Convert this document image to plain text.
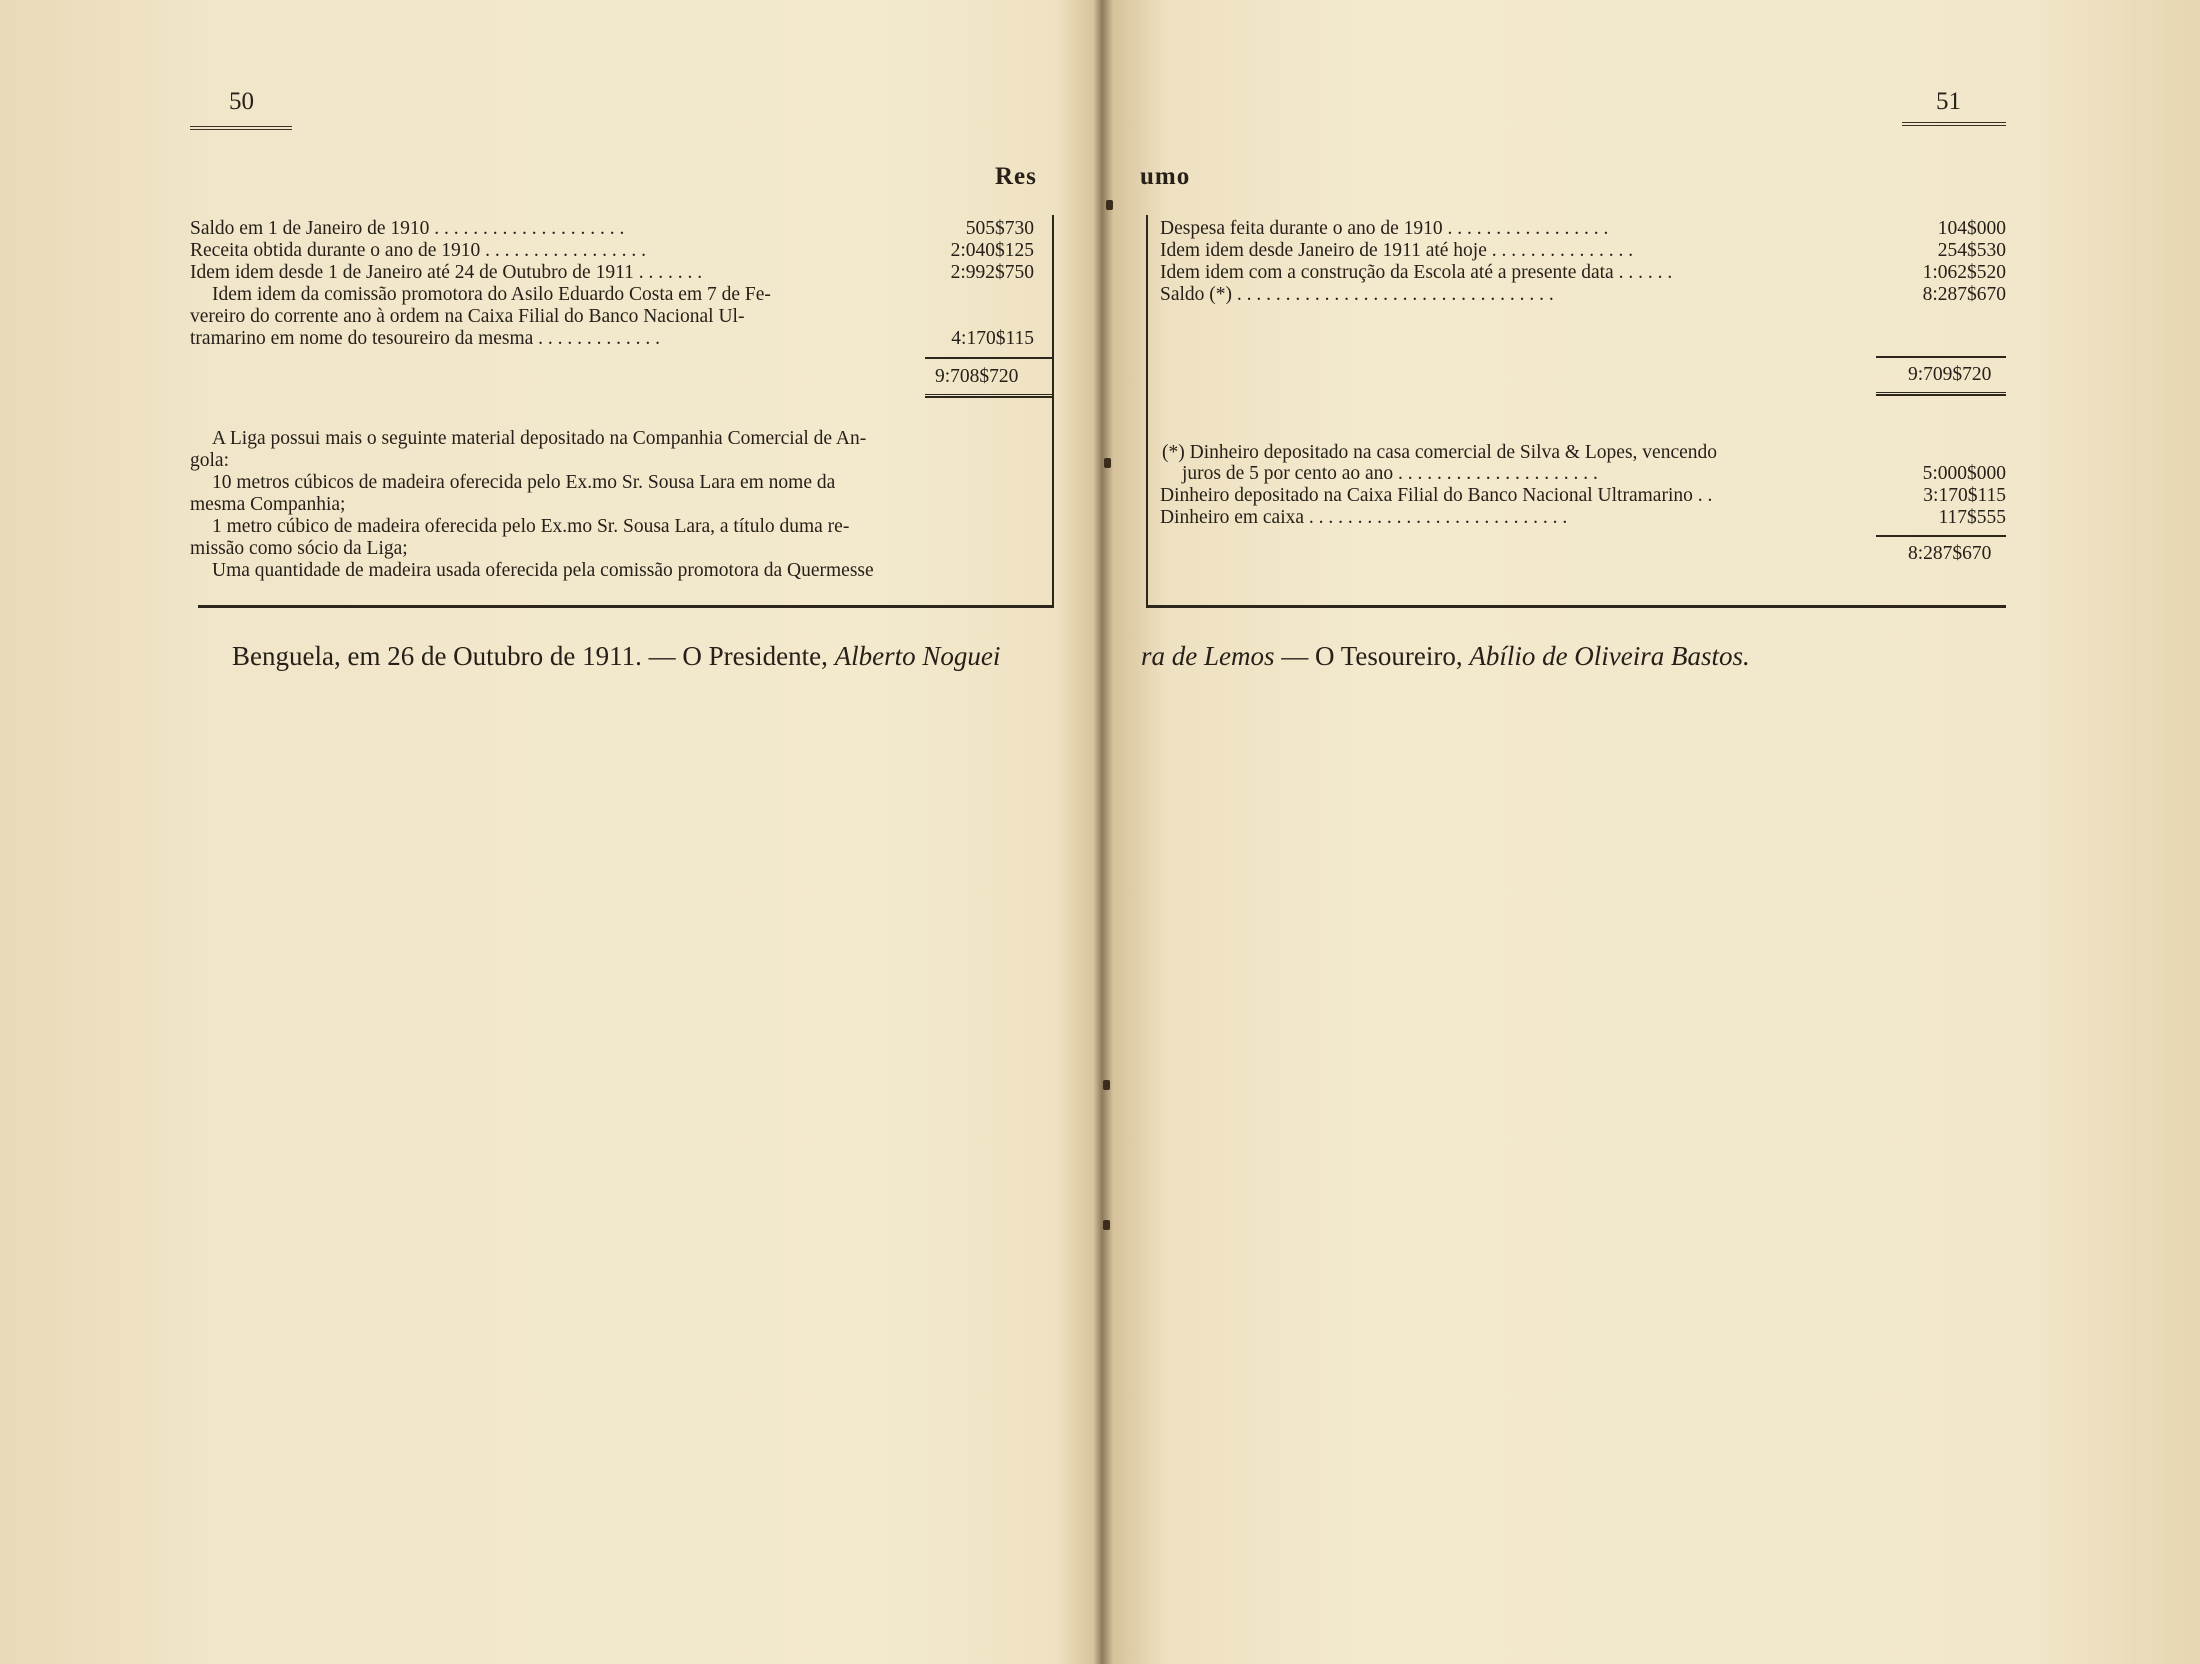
50
Res
Saldo em 1 de Janeiro de 1910 . . . . . . . . . . . . . . . . . . . .	505$730
Receita obtida durante o ano de 1910 . . . . . . . . . . . . . . . . .	2:040$125
Idem idem desde 1 de Janeiro até 24 de Outubro de 1911 . . . . . . .	2:992$750
Idem idem da comissão promotora do Asilo Eduardo Costa em 7 de Fe-
vereiro do corrente ano à ordem na Caixa Filial do Banco Nacional Ul-
tramarino em nome do tesoureiro da mesma . . . . . . . . . . . . .	4:170$115
9:708$720
A Liga possui mais o seguinte material depositado na Companhia Comercial de An-
gola:
10 metros cúbicos de madeira oferecida pelo Ex.mo Sr. Sousa Lara em nome da
mesma Companhia;
1 metro cúbico de madeira oferecida pelo Ex.mo Sr. Sousa Lara, a título duma re-
missão como sócio da Liga;
Uma quantidade de madeira usada oferecida pela comissão promotora da Quermesse
Benguela, em 26 de Outubro de 1911. — O Presidente, Alberto Noguei
51
umo
Despesa feita durante o ano de 1910 . . . . . . . . . . . . . . . . .	104$000
Idem idem desde Janeiro de 1911 até hoje . . . . . . . . . . . . . . .	254$530
Idem idem com a construção da Escola até a presente data . . . . . .	1:062$520
Saldo (*) . . . . . . . . . . . . . . . . . . . . . . . . . . . . . . . . .	8:287$670
9:709$720
(*) Dinheiro depositado na casa comercial de Silva & Lopes, vencendo
juros de 5 por cento ao ano . . . . . . . . . . . . . . . . . . . . .	5:000$000
Dinheiro depositado na Caixa Filial do Banco Nacional Ultramarino . .	3:170$115
Dinheiro em caixa . . . . . . . . . . . . . . . . . . . . . . . . . . .	117$555
8:287$670
ra de Lemos — O Tesoureiro, Abílio de Oliveira Bastos.
